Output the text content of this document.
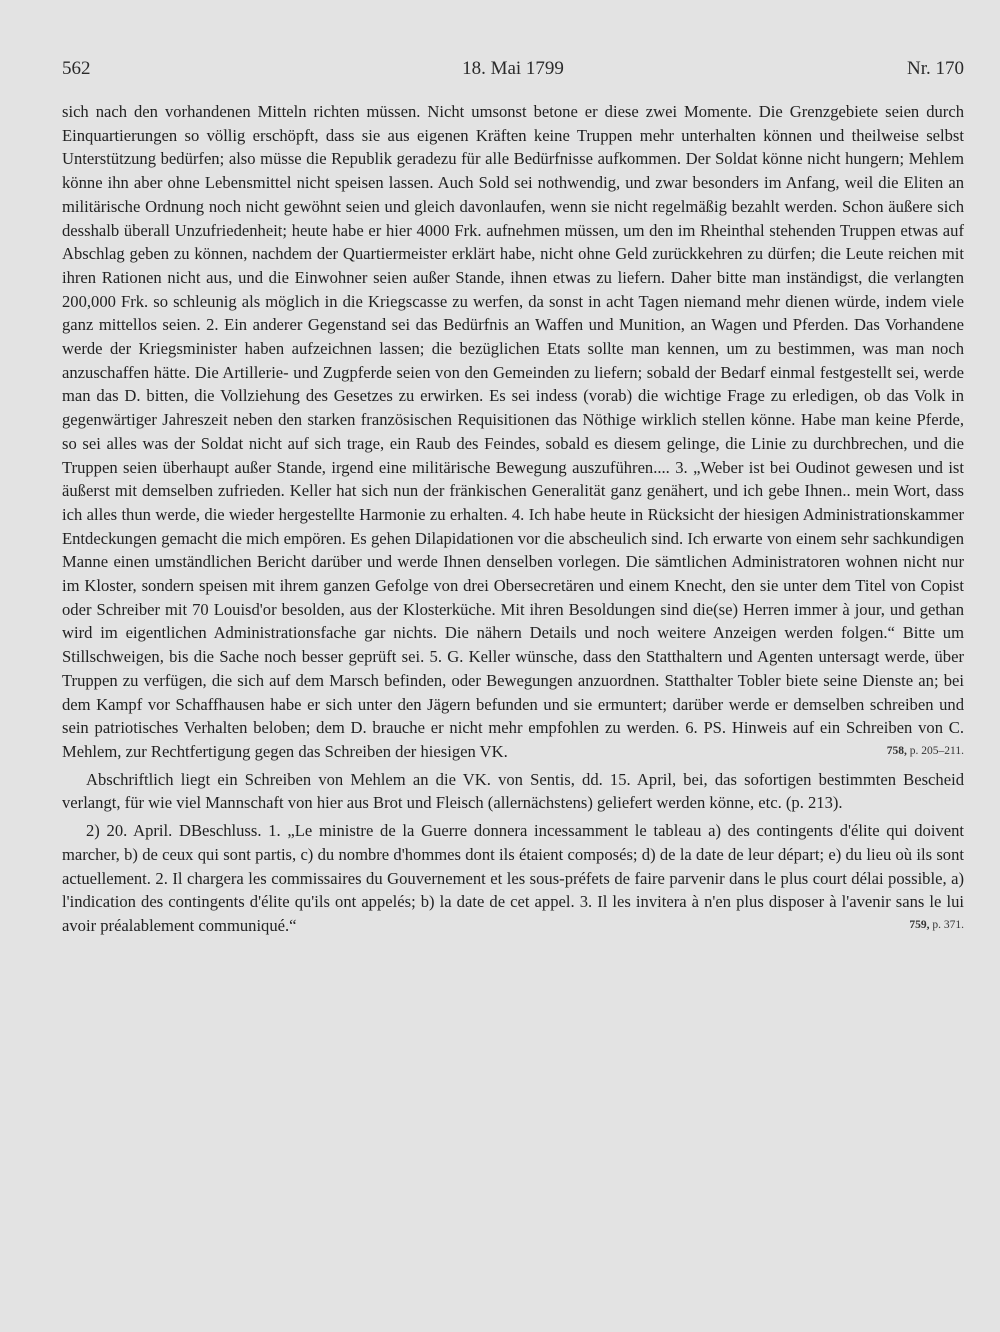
562	18. Mai 1799	Nr. 170

sich nach den vorhandenen Mitteln richten müssen. Nicht umsonst betone er diese zwei Momente. Die Grenzgebiete seien durch Einquartierungen so völlig erschöpft, dass sie aus eigenen Kräften keine Truppen mehr unterhalten können und theilweise selbst Unterstützung bedürfen; also müsse die Republik geradezu für alle Bedürfnisse aufkommen. Der Soldat könne nicht hungern; Mehlem könne ihn aber ohne Lebensmittel nicht speisen lassen. Auch Sold sei nothwendig, und zwar besonders im Anfang, weil die Eliten an militärische Ordnung noch nicht gewöhnt seien und gleich davonlaufen, wenn sie nicht regelmäßig bezahlt werden. Schon äußere sich desshalb überall Unzufriedenheit; heute habe er hier 4000 Frk. aufnehmen müssen, um den im Rheinthal stehenden Truppen etwas auf Abschlag geben zu können, nachdem der Quartiermeister erklärt habe, nicht ohne Geld zurückkehren zu dürfen; die Leute reichen mit ihren Rationen nicht aus, und die Einwohner seien außer Stande, ihnen etwas zu liefern. Daher bitte man inständigst, die verlangten 200,000 Frk. so schleunig als möglich in die Kriegscasse zu werfen, da sonst in acht Tagen niemand mehr dienen würde, indem viele ganz mittellos seien. 2. Ein anderer Gegenstand sei das Bedürfnis an Waffen und Munition, an Wagen und Pferden. Das Vorhandene werde der Kriegsminister haben aufzeichnen lassen; die bezüglichen Etats sollte man kennen, um zu bestimmen, was man noch anzuschaffen hätte. Die Artillerie- und Zugpferde seien von den Gemeinden zu liefern; sobald der Bedarf einmal festgestellt sei, werde man das D. bitten, die Vollziehung des Gesetzes zu erwirken. Es sei indess (vorab) die wichtige Frage zu erledigen, ob das Volk in gegenwärtiger Jahreszeit neben den starken französischen Requisitionen das Nöthige wirklich stellen könne. Habe man keine Pferde, so sei alles was der Soldat nicht auf sich trage, ein Raub des Feindes, sobald es diesem gelinge, die Linie zu durchbrechen, und die Truppen seien überhaupt außer Stande, irgend eine militärische Bewegung auszuführen.... 3. „Weber ist bei Oudinot gewesen und ist äußerst mit demselben zufrieden. Keller hat sich nun der fränkischen Generalität ganz genähert, und ich gebe Ihnen.. mein Wort, dass ich alles thun werde, die wieder hergestellte Harmonie zu erhalten. 4. Ich habe heute in Rücksicht der hiesigen Administrationskammer Entdeckungen gemacht die mich empören. Es gehen Dilapidationen vor die abscheulich sind. Ich erwarte von einem sehr sachkundigen Manne einen umständlichen Bericht darüber und werde Ihnen denselben vorlegen. Die sämtlichen Administratoren wohnen nicht nur im Kloster, sondern speisen mit ihrem ganzen Gefolge von drei Obersecretären und einem Knecht, den sie unter dem Titel von Copist oder Schreiber mit 70 Louisd'or besolden, aus der Klosterküche. Mit ihren Besoldungen sind die(se) Herren immer à jour, und gethan wird im eigentlichen Administrationsfache gar nichts. Die nähern Details und noch weitere Anzeigen werden folgen.“ Bitte um Stillschweigen, bis die Sache noch besser geprüft sei. 5. G. Keller wünsche, dass den Statthaltern und Agenten untersagt werde, über Truppen zu verfügen, die sich auf dem Marsch befinden, oder Bewegungen anzuordnen. Statthalter Tobler biete seine Dienste an; bei dem Kampf vor Schaffhausen habe er sich unter den Jägern befunden und sie ermuntert; darüber werde er demselben schreiben und sein patriotisches Verhalten beloben; dem D. brauche er nicht mehr empfohlen zu werden. 6. PS. Hinweis auf ein Schreiben von C. Mehlem, zur Rechtfertigung gegen das Schreiben der hiesigen VK.	758, p. 205–211.

Abschriftlich liegt ein Schreiben von Mehlem an die VK. von Sentis, dd. 15. April, bei, das sofortigen bestimmten Bescheid verlangt, für wie viel Mannschaft von hier aus Brot und Fleisch (allernächstens) geliefert werden könne, etc. (p. 213).

2) 20. April. DBeschluss. 1. „Le ministre de la Guerre donnera incessamment le tableau a) des contingents d'élite qui doivent marcher, b) de ceux qui sont partis, c) du nombre d'hommes dont ils étaient composés; d) de la date de leur départ; e) du lieu où ils sont actuellement. 2. Il chargera les commissaires du Gouvernement et les sous-préfets de faire parvenir dans le plus court délai possible, a) l'indication des contingents d'élite qu'ils ont appelés; b) la date de cet appel. 3. Il les invitera à n'en plus disposer à l'avenir sans le lui avoir préalablement communiqué.“	759, p. 371.
